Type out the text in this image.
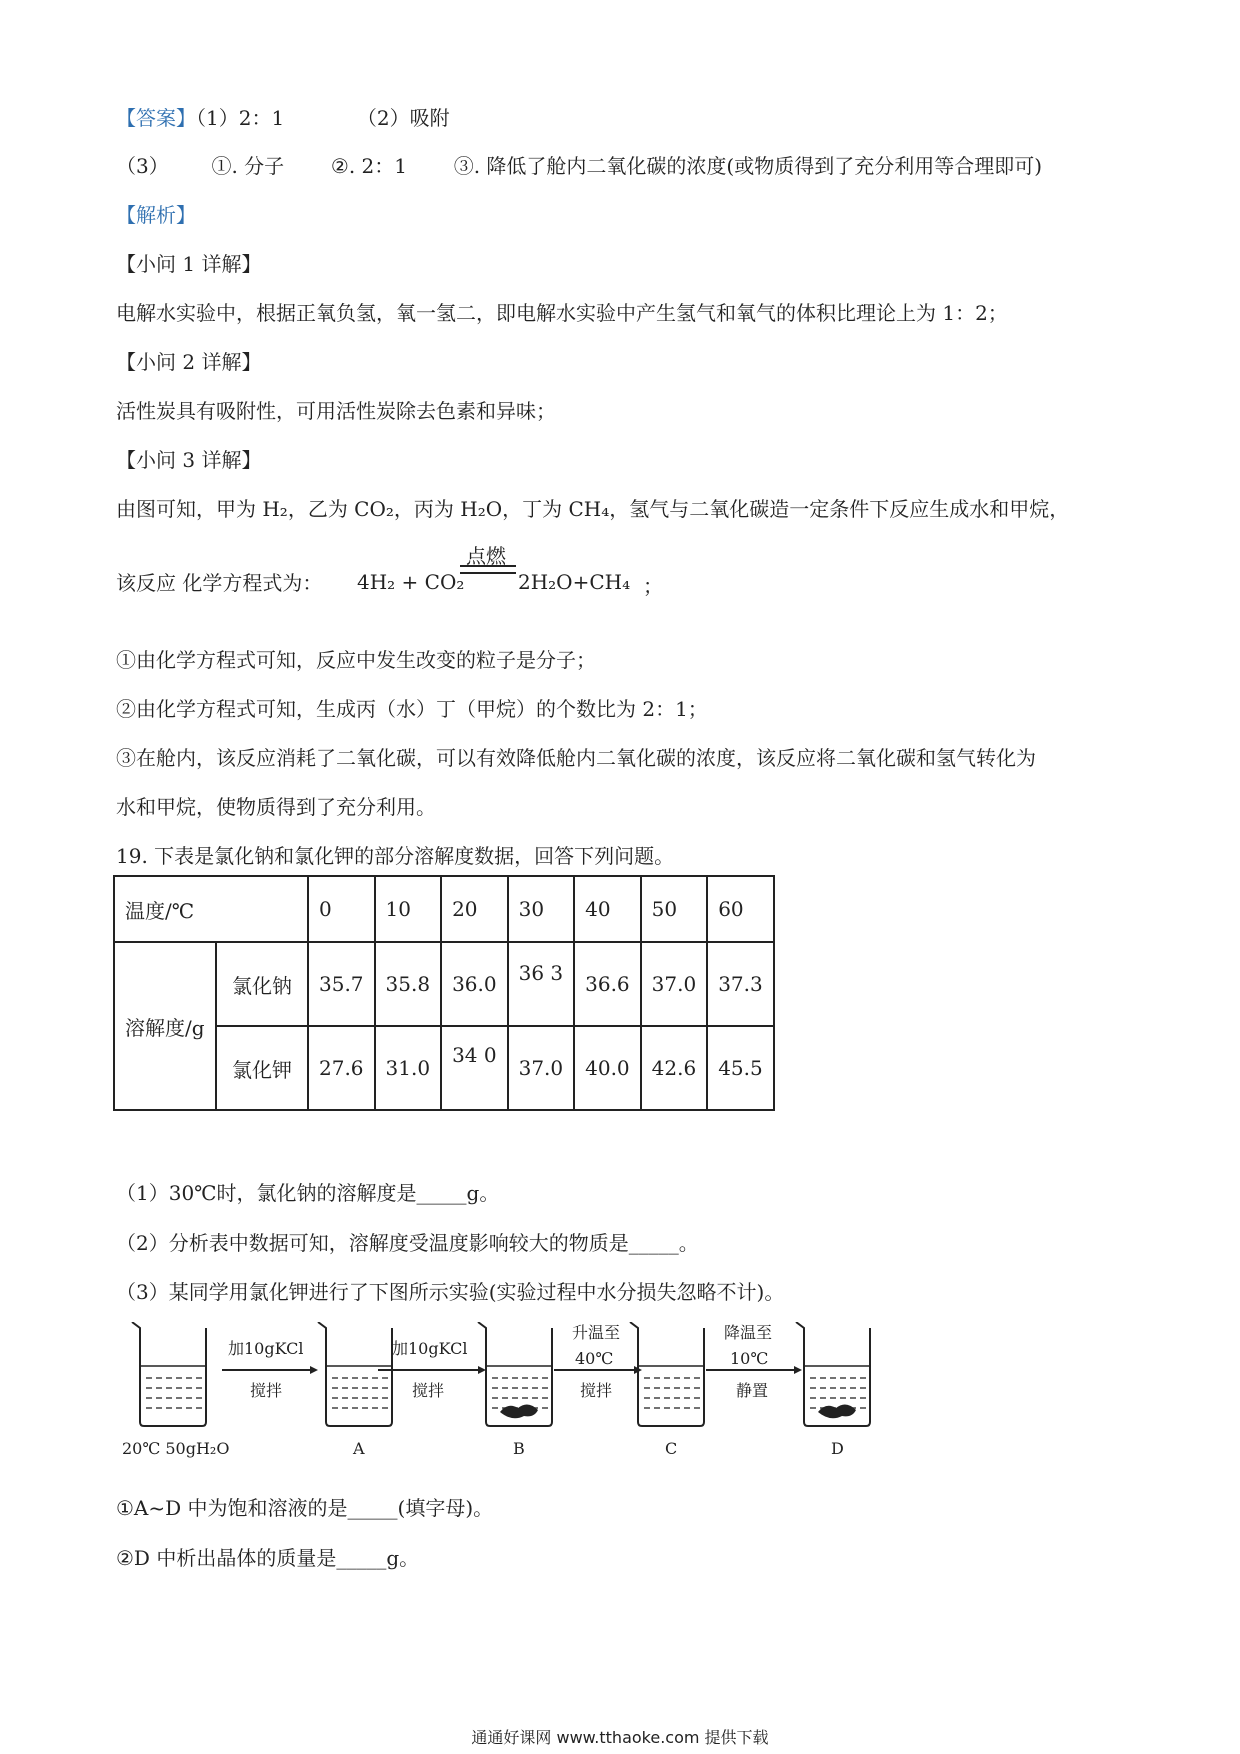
【答案】（1）2：1	（2）吸附
（3） ①. 分子 ②. 2：1 ③. 降低了舱内二氧化碳的浓度(或物质得到了充分利用等合理即可)
【解析】
【小问 1 详解】
电解水实验中，根据正氧负氢，氧一氢二，即电解水实验中产生氢气和氧气的体积比理论上为 1：2；
【小问 2 详解】
活性炭具有吸附性，可用活性炭除去色素和异味；
【小问 3 详解】
由图可知，甲为 H₂，乙为 CO₂，丙为 H₂O，丁为 CH₄，氢气与二氧化碳造一定条件下反应生成水和甲烷，
该反应 化学方程式为： 4H₂ + CO₂
点燃
2H₂O+CH₄ ；
①由化学方程式可知，反应中发生改变的粒子是分子；
②由化学方程式可知，生成丙（水）丁（甲烷）的个数比为 2：1；
③在舱内，该反应消耗了二氧化碳，可以有效降低舱内二氧化碳的浓度，该反应将二氧化碳和氢气转化为
水和甲烷，使物质得到了充分利用。
19. 下表是氯化钠和氯化钾的部分溶解度数据，回答下列问题。
温度/℃		0	10	20	30	40	50	60
溶解度/g	氯化钠	35.7	35.8	36.0	36 3	36.6	37.0	37.3
	氯化钾	27.6	31.0	34 0	37.0	40.0	42.6	45.5
（1）30℃时，氯化钠的溶解度是_____g。
（2）分析表中数据可知，溶解度受温度影响较大的物质是_____。
（3）某同学用氯化钾进行了下图所示实验(实验过程中水分损失忽略不计)。
20℃ 50gH₂O
加10gKCl
搅拌
A
加10gKCl
搅拌
B
升温至
40℃
搅拌
C
降温至
10℃
静置
D
①A~D 中为饱和溶液的是_____(填字母)。
②D 中析出晶体的质量是_____g。
通通好课网 www.tthaoke.com 提供下载
